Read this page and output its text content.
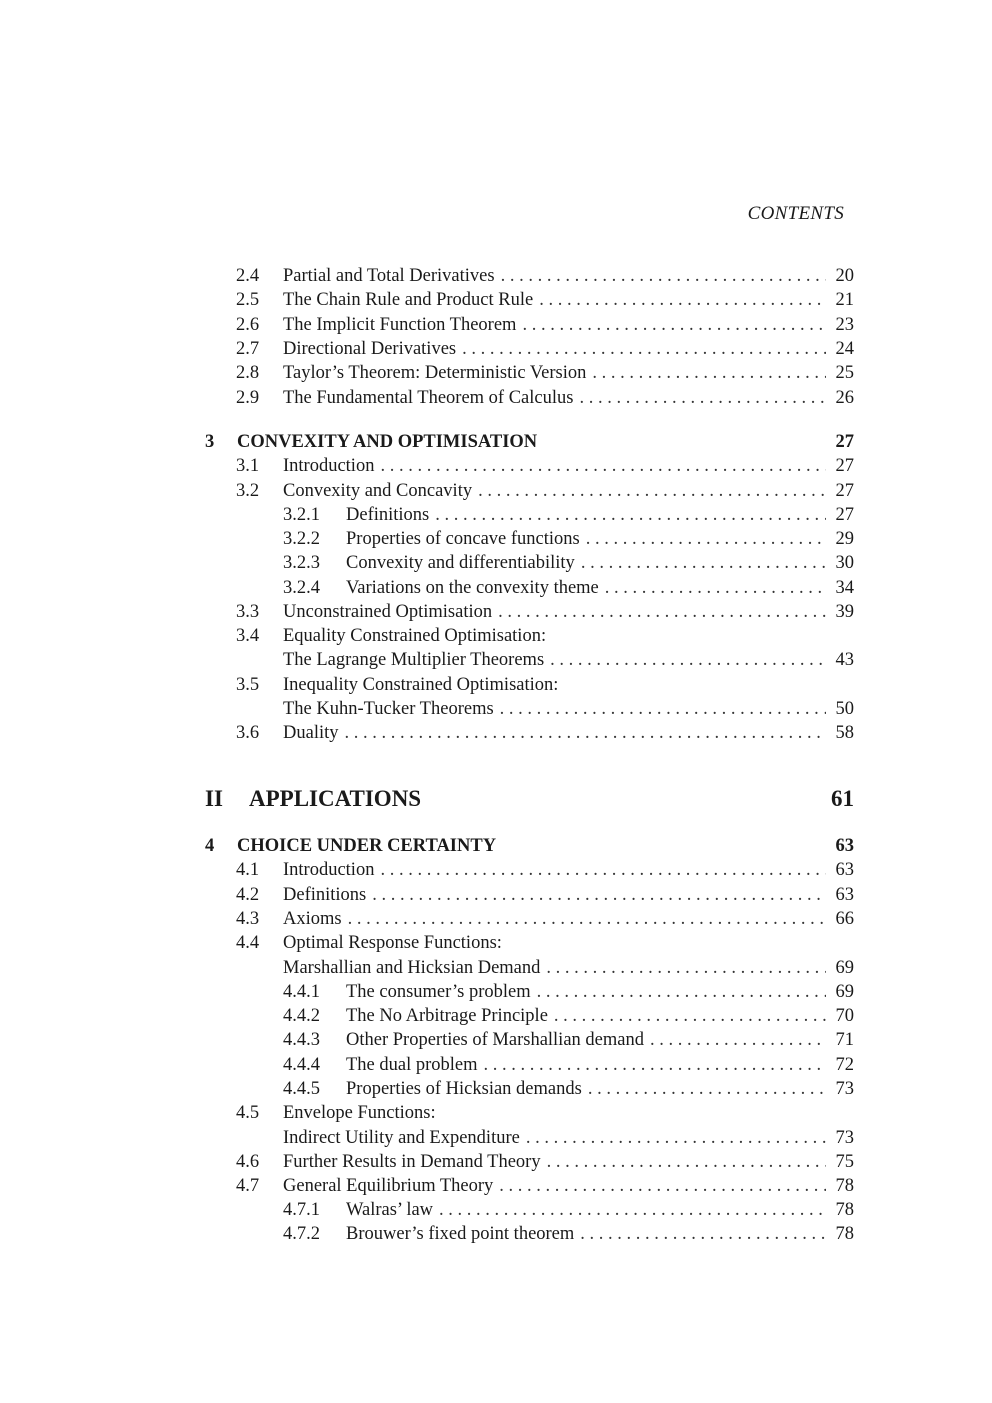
CONTENTS
2.4 Partial and Total Derivatives . . .	20
2.5 The Chain Rule and Product Rule . . .	21
2.6 The Implicit Function Theorem . . .	23
2.7 Directional Derivatives . . .	24
2.8 Taylor’s Theorem: Deterministic Version . . .	25
2.9 The Fundamental Theorem of Calculus . . .	26
3 CONVEXITY AND OPTIMISATION	27
3.1 Introduction . . .	27
3.2 Convexity and Concavity . . .	27
3.2.1 Definitions . . .	27
3.2.2 Properties of concave functions . . .	29
3.2.3 Convexity and differentiability . . .	30
3.2.4 Variations on the convexity theme . . .	34
3.3 Unconstrained Optimisation . . .	39
3.4 Equality Constrained Optimisation:
The Lagrange Multiplier Theorems . . .	43
3.5 Inequality Constrained Optimisation:
The Kuhn-Tucker Theorems . . .	50
3.6 Duality . . .	58
II APPLICATIONS	61
4 CHOICE UNDER CERTAINTY	63
4.1 Introduction . . .	63
4.2 Definitions . . .	63
4.3 Axioms . . .	66
4.4 Optimal Response Functions:
Marshallian and Hicksian Demand . . .	69
4.4.1 The consumer’s problem . . .	69
4.4.2 The No Arbitrage Principle . . .	70
4.4.3 Other Properties of Marshallian demand . . .	71
4.4.4 The dual problem . . .	72
4.4.5 Properties of Hicksian demands . . .	73
4.5 Envelope Functions:
Indirect Utility and Expenditure . . .	73
4.6 Further Results in Demand Theory . . .	75
4.7 General Equilibrium Theory . . .	78
4.7.1 Walras’ law . . .	78
4.7.2 Brouwer’s fixed point theorem . . .	78
